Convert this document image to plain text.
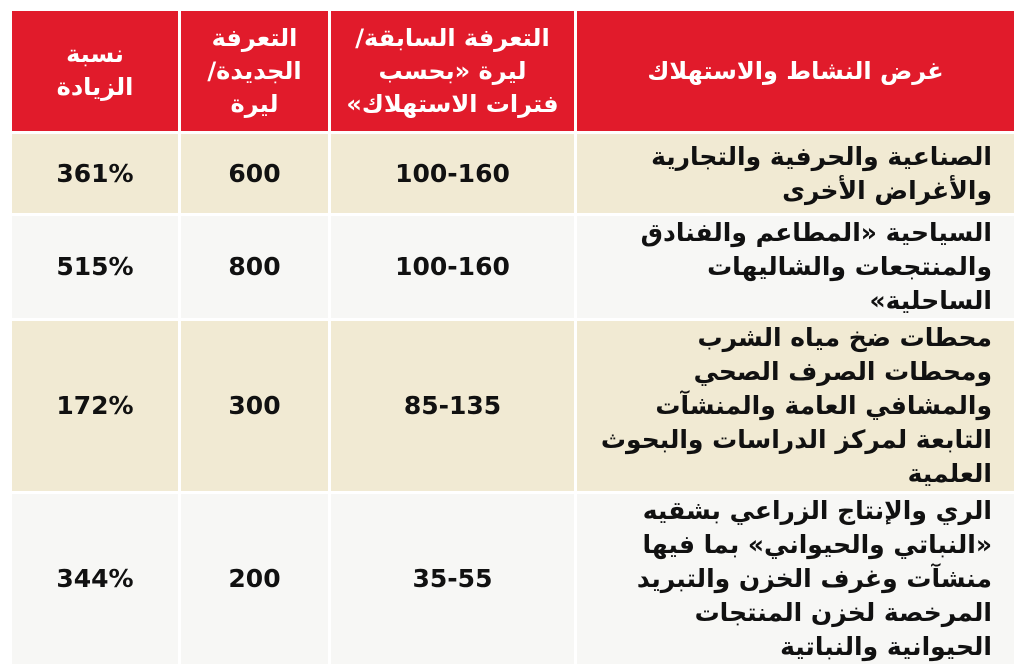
غرض النشاط والاستهلاك	التعرفة السابقة/ ليرة «بحسب فترات الاستهلاك»	التعرفة الجديدة/ ليرة	نسبة الزيادة
الصناعية والحرفية والتجارية والأغراض الأخرى	100-160	600	361%
السياحية «المطاعم والفنادق والمنتجعات والشاليهات الساحلية»	100-160	800	515%
محطات ضخ مياه الشرب ومحطات الصرف الصحي والمشافي العامة والمنشآت التابعة لمركز الدراسات والبحوث العلمية	85-135	300	172%
الري والإنتاج الزراعي بشقيه «النباتي والحيواني» بما فيها منشآت وغرف الخزن والتبريد المرخصة لخزن المنتجات الحيوانية والنباتية	35-55	200	344%
